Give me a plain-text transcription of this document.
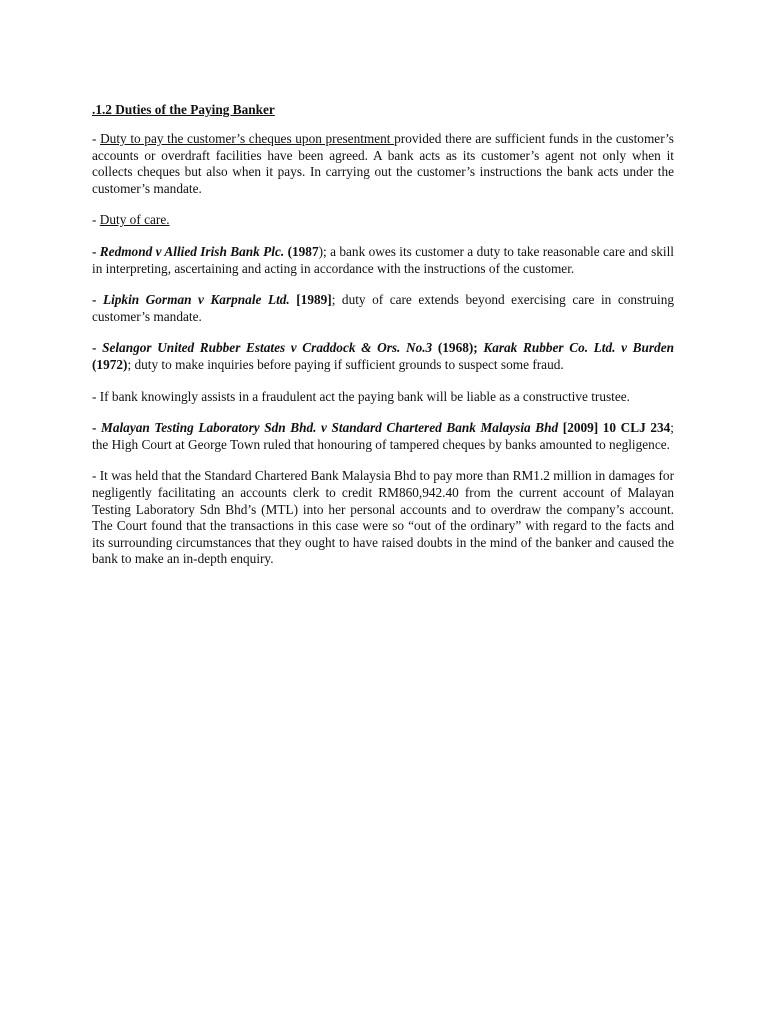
.1.2 Duties of the Paying Banker

- Duty to pay the customer’s cheques upon presentment provided there are sufficient funds in the customer’s accounts or overdraft facilities have been agreed. A bank acts as its customer’s agent not only when it collects cheques but also when it pays. In carrying out the customer’s instructions the bank acts under the customer’s mandate.

- Duty of care.

- Redmond v Allied Irish Bank Plc. (1987); a bank owes its customer a duty to take reasonable care and skill in interpreting, ascertaining and acting in accordance with the instructions of the customer.

- Lipkin Gorman v Karpnale Ltd. [1989]; duty of care extends beyond exercising care in construing customer’s mandate.

- Selangor United Rubber Estates v Craddock & Ors. No.3 (1968); Karak Rubber Co. Ltd. v Burden (1972); duty to make inquiries before paying if sufficient grounds to suspect some fraud.

- If bank knowingly assists in a fraudulent act the paying bank will be liable as a constructive trustee.

- Malayan Testing Laboratory Sdn Bhd. v Standard Chartered Bank Malaysia Bhd [2009] 10 CLJ 234; the High Court at George Town ruled that honouring of tampered cheques by banks amounted to negligence.

- It was held that the Standard Chartered Bank Malaysia Bhd to pay more than RM1.2 million in damages for negligently facilitating an accounts clerk to credit RM860,942.40 from the current account of Malayan Testing Laboratory Sdn Bhd’s (MTL) into her personal accounts and to overdraw the company’s account. The Court found that the transactions in this case were so “out of the ordinary” with regard to the facts and its surrounding circumstances that they ought to have raised doubts in the mind of the banker and caused the bank to make an in-depth enquiry.
